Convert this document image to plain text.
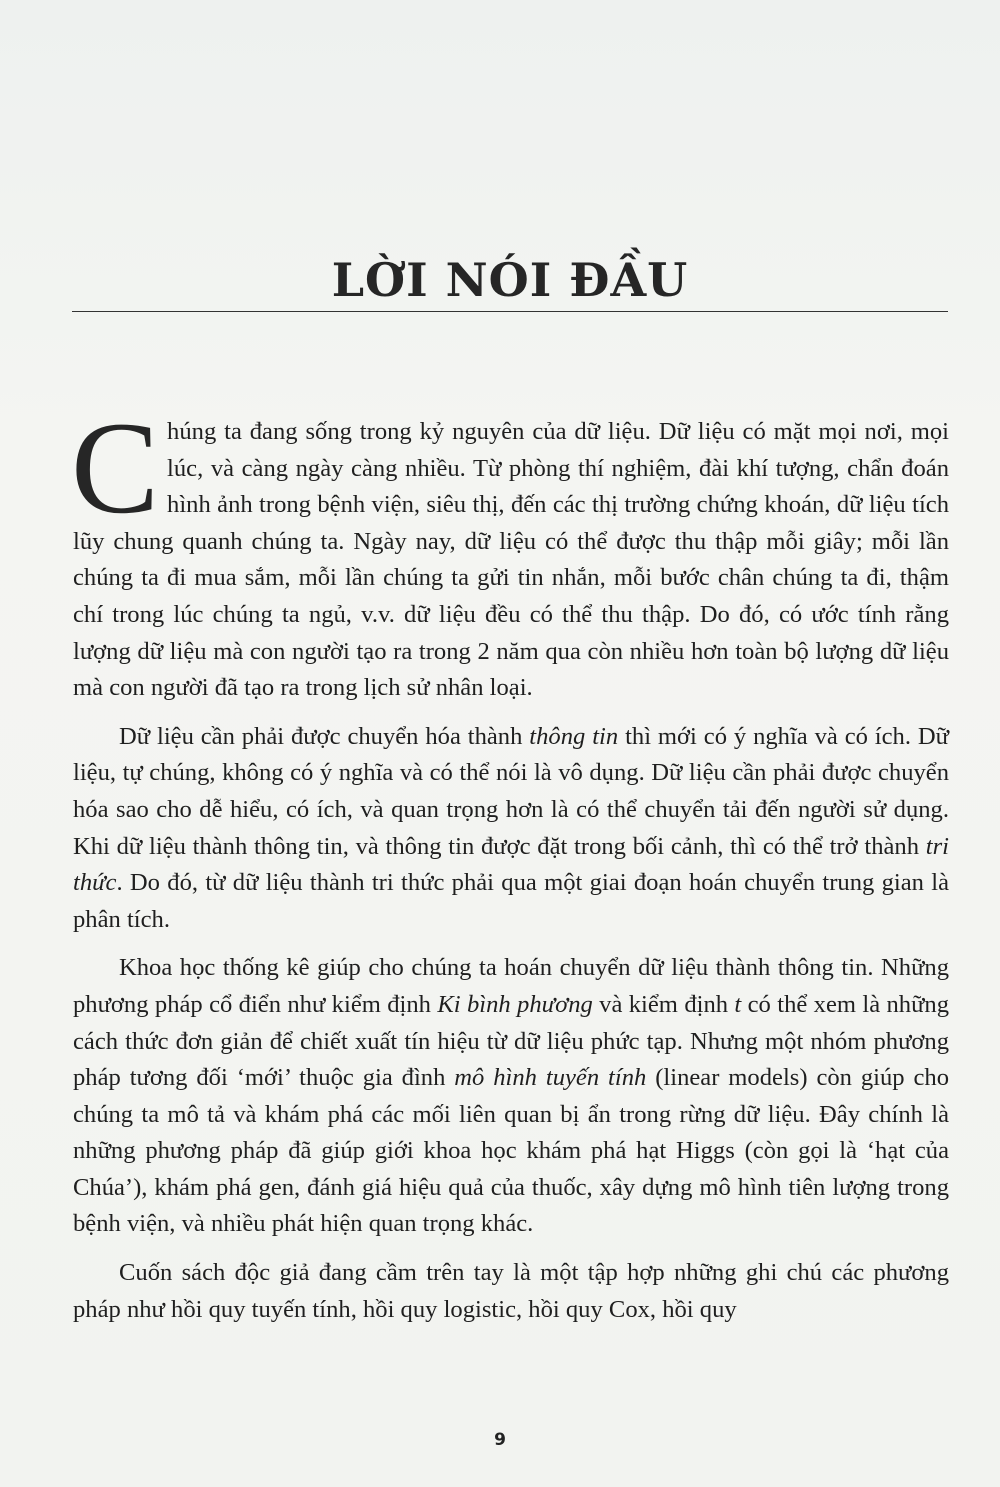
LỜI NÓI ĐẦU

Chúng ta đang sống trong kỷ nguyên của dữ liệu. Dữ liệu có mặt mọi nơi, mọi lúc, và càng ngày càng nhiều. Từ phòng thí nghiệm, đài khí tượng, chẩn đoán hình ảnh trong bệnh viện, siêu thị, đến các thị trường chứng khoán, dữ liệu tích lũy chung quanh chúng ta. Ngày nay, dữ liệu có thể được thu thập mỗi giây; mỗi lần chúng ta đi mua sắm, mỗi lần chúng ta gửi tin nhắn, mỗi bước chân chúng ta đi, thậm chí trong lúc chúng ta ngủ, v.v. dữ liệu đều có thể thu thập. Do đó, có ước tính rằng lượng dữ liệu mà con người tạo ra trong 2 năm qua còn nhiều hơn toàn bộ lượng dữ liệu mà con người đã tạo ra trong lịch sử nhân loại.

Dữ liệu cần phải được chuyển hóa thành thông tin thì mới có ý nghĩa và có ích. Dữ liệu, tự chúng, không có ý nghĩa và có thể nói là vô dụng. Dữ liệu cần phải được chuyển hóa sao cho dễ hiểu, có ích, và quan trọng hơn là có thể chuyển tải đến người sử dụng. Khi dữ liệu thành thông tin, và thông tin được đặt trong bối cảnh, thì có thể trở thành tri thức. Do đó, từ dữ liệu thành tri thức phải qua một giai đoạn hoán chuyển trung gian là phân tích.

Khoa học thống kê giúp cho chúng ta hoán chuyển dữ liệu thành thông tin. Những phương pháp cổ điển như kiểm định Ki bình phương và kiểm định t có thể xem là những cách thức đơn giản để chiết xuất tín hiệu từ dữ liệu phức tạp. Nhưng một nhóm phương pháp tương đối ‘mới’ thuộc gia đình mô hình tuyến tính (linear models) còn giúp cho chúng ta mô tả và khám phá các mối liên quan bị ẩn trong rừng dữ liệu. Đây chính là những phương pháp đã giúp giới khoa học khám phá hạt Higgs (còn gọi là ‘hạt của Chúa’), khám phá gen, đánh giá hiệu quả của thuốc, xây dựng mô hình tiên lượng trong bệnh viện, và nhiều phát hiện quan trọng khác.

Cuốn sách độc giả đang cầm trên tay là một tập hợp những ghi chú các phương pháp như hồi quy tuyến tính, hồi quy logistic, hồi quy Cox, hồi quy

9
